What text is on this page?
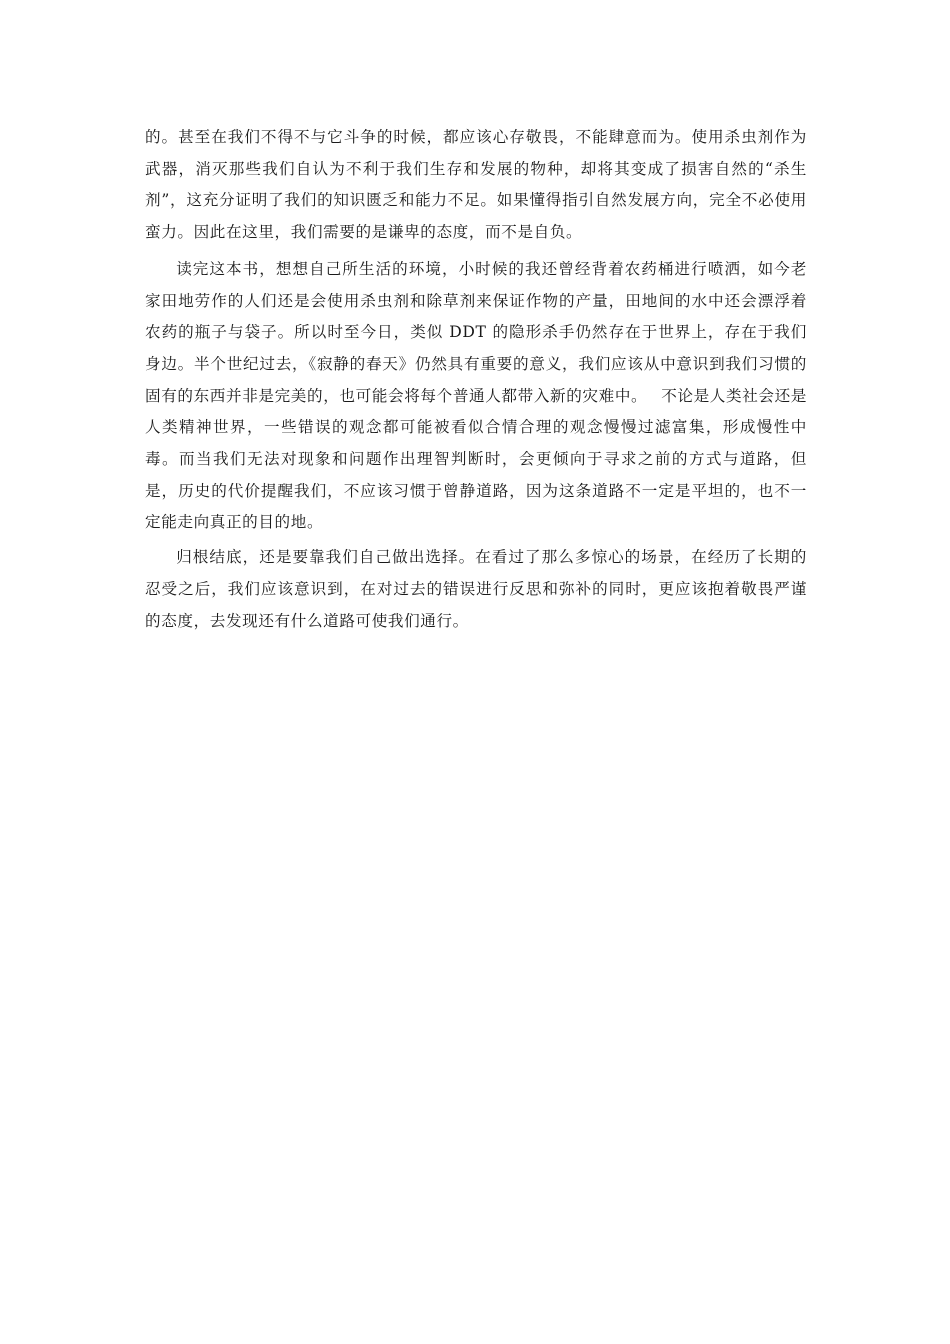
的。甚至在我们不得不与它斗争的时候，都应该心存敬畏，不能肆意而为。使用杀虫剂作为武器，消灭那些我们自认为不利于我们生存和发展的物种，却将其变成了损害自然的“杀生剂”，这充分证明了我们的知识匮乏和能力不足。如果懂得指引自然发展方向，完全不必使用蛮力。因此在这里，我们需要的是谦卑的态度，而不是自负。

读完这本书，想想自己所生活的环境，小时候的我还曾经背着农药桶进行喷洒，如今老家田地劳作的人们还是会使用杀虫剂和除草剂来保证作物的产量，田地间的水中还会漂浮着农药的瓶子与袋子。所以时至今日，类似 DDT 的隐形杀手仍然存在于世界上，存在于我们身边。半个世纪过去，《寂静的春天》仍然具有重要的意义，我们应该从中意识到我们习惯的固有的东西并非是完美的，也可能会将每个普通人都带入新的灾难中。　 不论是人类社会还是人类精神世界，一些错误的观念都可能被看似合情合理的观念慢慢过滤富集，形成慢性中毒。而当我们无法对现象和问题作出理智判断时，会更倾向于寻求之前的方式与道路，但是，历史的代价提醒我们，不应该习惯于曾静道路，因为这条道路不一定是平坦的，也不一定能走向真正的目的地。

归根结底，还是要靠我们自己做出选择。在看过了那么多惊心的场景，在经历了长期的忍受之后，我们应该意识到，在对过去的错误进行反思和弥补的同时，更应该抱着敬畏严谨的态度，去发现还有什么道路可使我们通行。
